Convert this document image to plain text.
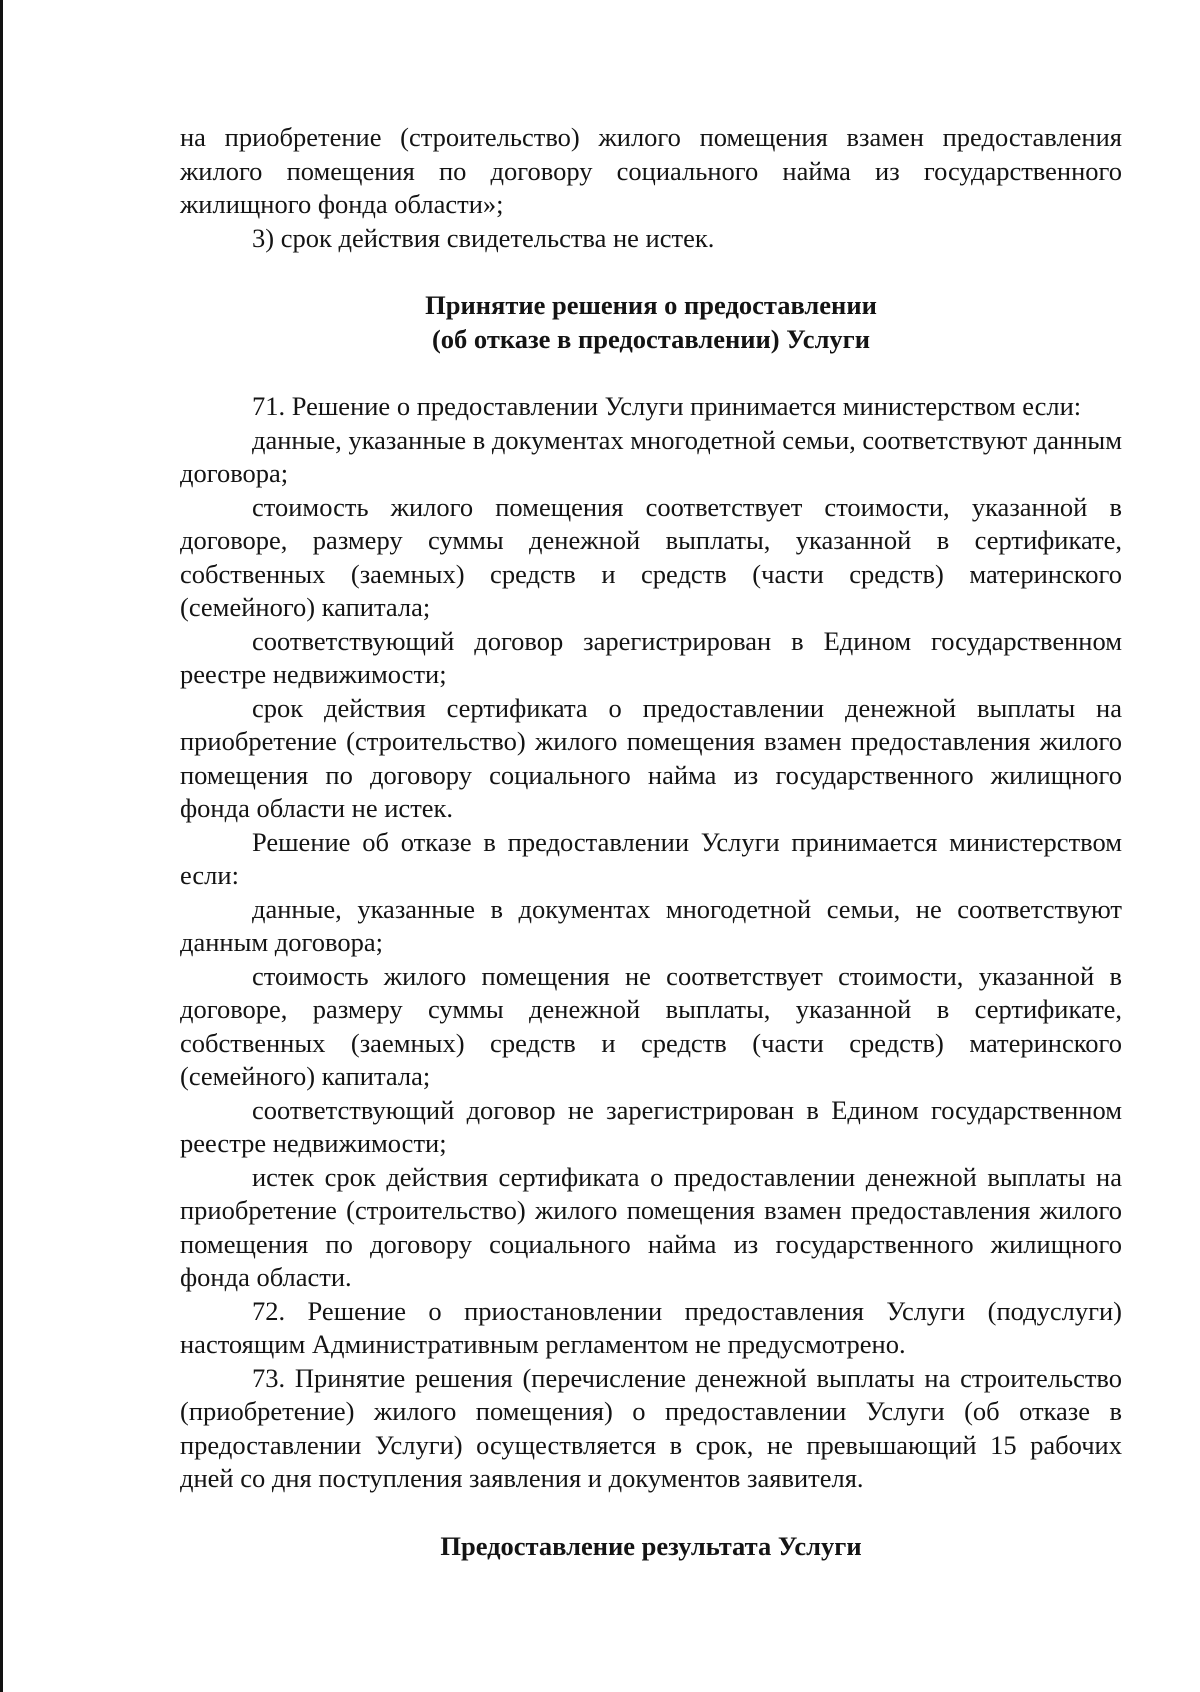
на приобретение (строительство) жилого помещения взамен предоставления жилого помещения по договору социального найма из государственного жилищного фонда области»;

3) срок действия свидетельства не истек.

Принятие решения о предоставлении
(об отказе в предоставлении) Услуги

71. Решение о предоставлении Услуги принимается министерством если:

данные, указанные в документах многодетной семьи, соответствуют данным договора;

стоимость жилого помещения соответствует стоимости, указанной в договоре, размеру суммы денежной выплаты, указанной в сертификате, собственных (заемных) средств и средств (части средств) материнского (семейного) капитала;

соответствующий договор зарегистрирован в Едином государственном реестре недвижимости;

срок действия сертификата о предоставлении денежной выплаты на приобретение (строительство) жилого помещения взамен предоставления жилого помещения по договору социального найма из государственного жилищного фонда области не истек.

Решение об отказе в предоставлении Услуги принимается министерством если:

данные, указанные в документах многодетной семьи, не соответствуют данным договора;

стоимость жилого помещения не соответствует стоимости, указанной в договоре, размеру суммы денежной выплаты, указанной в сертификате, собственных (заемных) средств и средств (части средств) материнского (семейного) капитала;

соответствующий договор не зарегистрирован в Едином государственном реестре недвижимости;

истек срок действия сертификата о предоставлении денежной выплаты на приобретение (строительство) жилого помещения взамен предоставления жилого помещения по договору социального найма из государственного жилищного фонда области.

72. Решение о приостановлении предоставления Услуги (подуслуги) настоящим Административным регламентом не предусмотрено.

73. Принятие решения (перечисление денежной выплаты на строительство (приобретение) жилого помещения) о предоставлении Услуги (об отказе в предоставлении Услуги) осуществляется в срок, не превышающий 15 рабочих дней со дня поступления заявления и документов заявителя.

Предоставление результата Услуги
